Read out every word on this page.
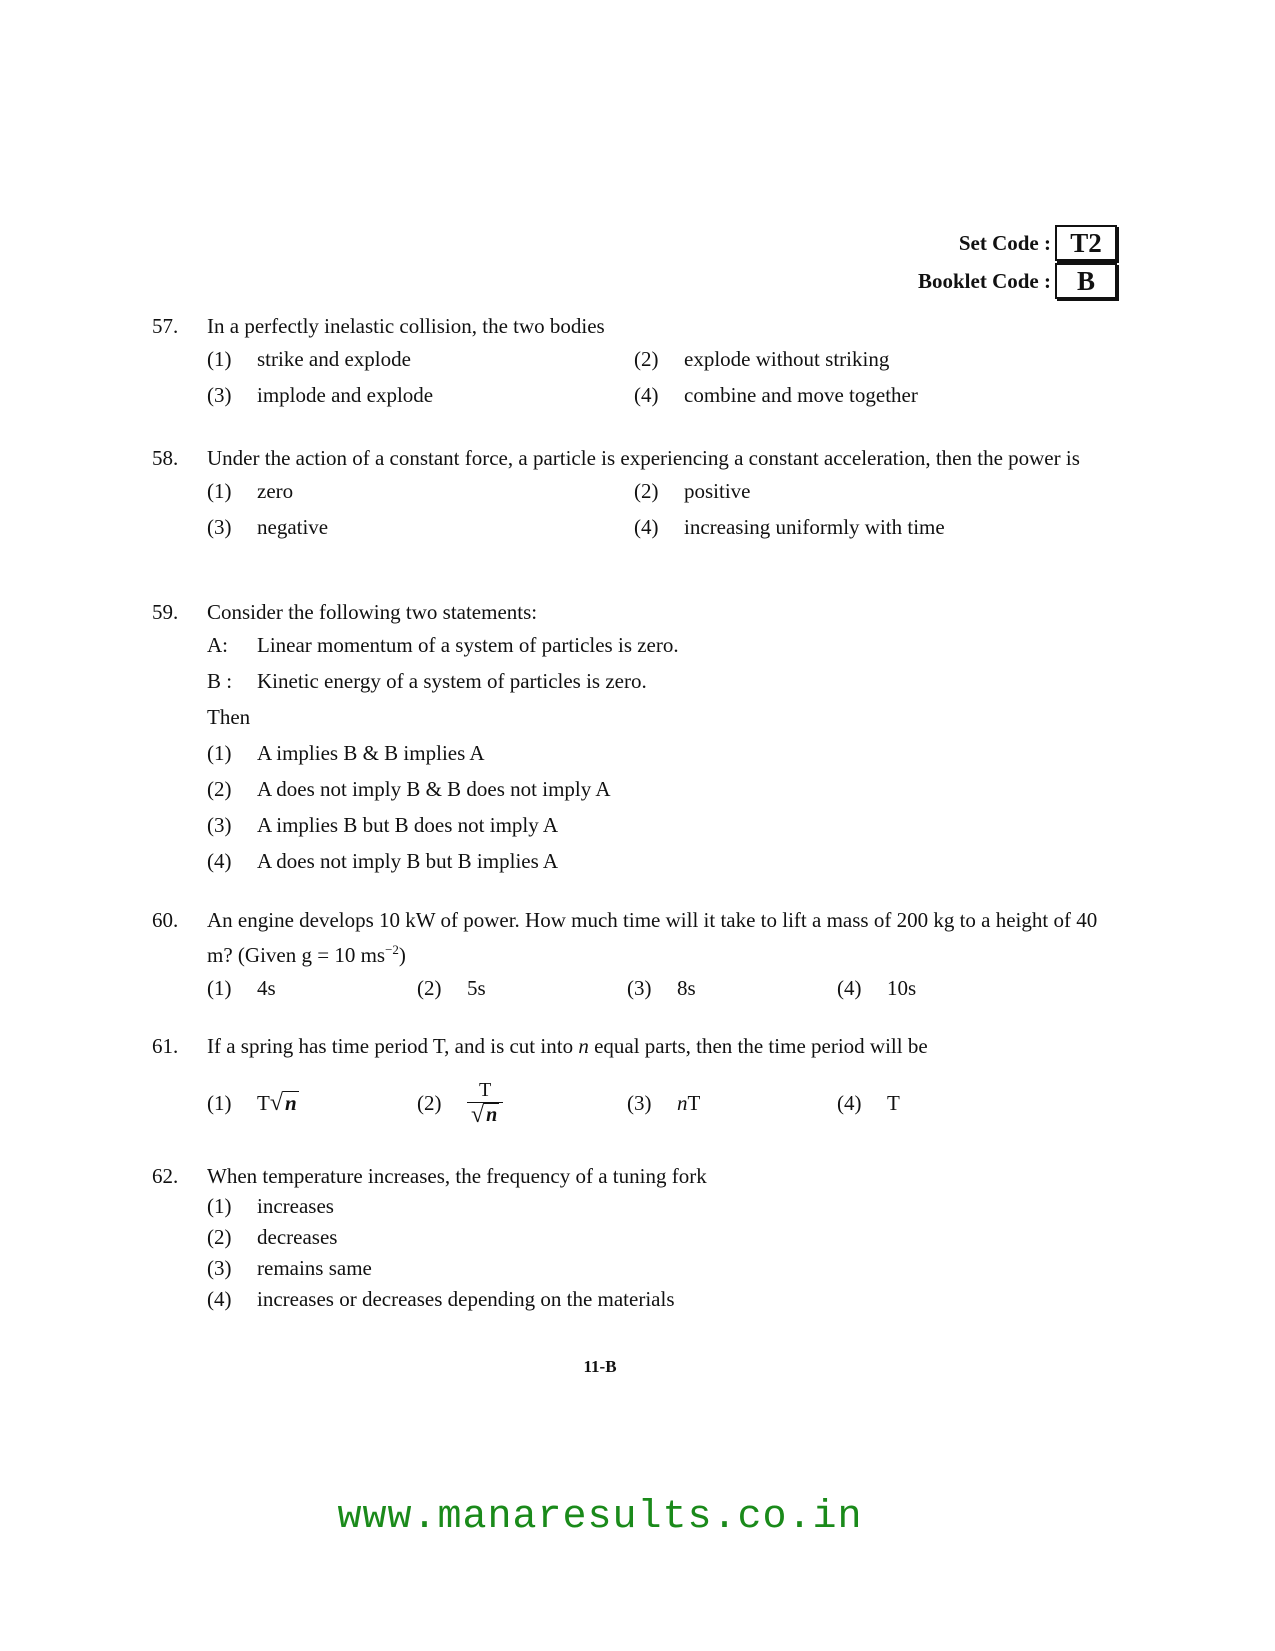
Set Code : T2
Booklet Code : B
57.	In a perfectly inelastic collision, the two bodies
(1)	strike and explode	(2)	explode without striking
(3)	implode and explode	(4)	combine and move together
58.	Under the action of a constant force, a particle is experiencing a constant acceleration, then the power is
(1)	zero	(2)	positive
(3)	negative	(4)	increasing uniformly with time
59.	Consider the following two statements:
A:	Linear momentum of a system of particles is zero.
B :	Kinetic energy of a system of particles is zero.
Then
(1)	A implies B & B implies A
(2)	A does not imply B & B does not imply A
(3)	A implies B but B does not imply A
(4)	A does not imply B but B implies A
60.	An engine develops 10 kW of power. How much time will it take to lift a mass of 200 kg to a height of 40 m? (Given g = 10 $ms^{-2}$)
(1)	4s	(2)	5s	(3)	8s	(4)	10s
61.	If a spring has time period T, and is cut into n equal parts, then the time period will be
(1)	T √ n	(2)	$\frac{T}{√ n}$	(3)	n T	(4)	T
62.	When temperature increases, the frequency of a tuning fork
(1)	increases
(2)	decreases
(3)	remains same
(4)	increases or decreases depending on the materials
11-B
www.manaresults.co.in
